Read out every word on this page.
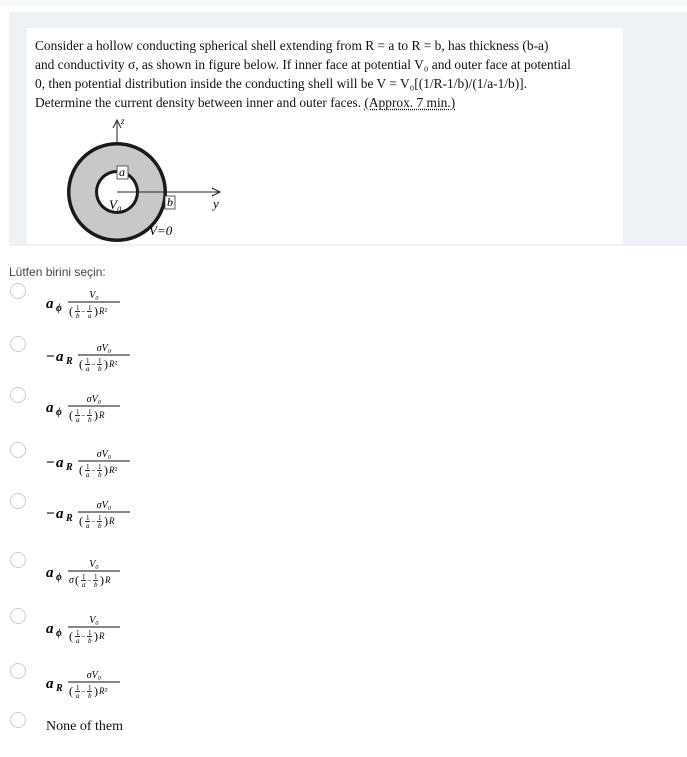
Consider a hollow conducting spherical shell extending from R = a to R = b, has thickness (b-a)
and conductivity σ, as shown in figure below. If inner face at potential V₀ and outer face at potential
0, then potential distribution inside the conducting shell will be V = V₀[(1/R-1/b)/(1/a-1/b)].
Determine the current density between inner and outer faces. (Approx. 7 min.)
z
y
a
V₀	b
V=0
Lütfen birini seçin:
a ϕ
V₀
( 1
b − 1
a ) R²
− a R
σV₀
( 1
a − 1
b ) R²
a ϕ
σV₀
( 1
a − 1
b ) R
− a R
σV₀
( 1
a − 1
b ) R²
− a R
σV₀
( 1
a − 1
b ) R
a ϕ
V₀
σ ( 1
a − 1
b ) R
a ϕ
V₀
( 1
a − 1
b ) R
a R
σV₀
( 1
a − 1
b ) R²
None of them
